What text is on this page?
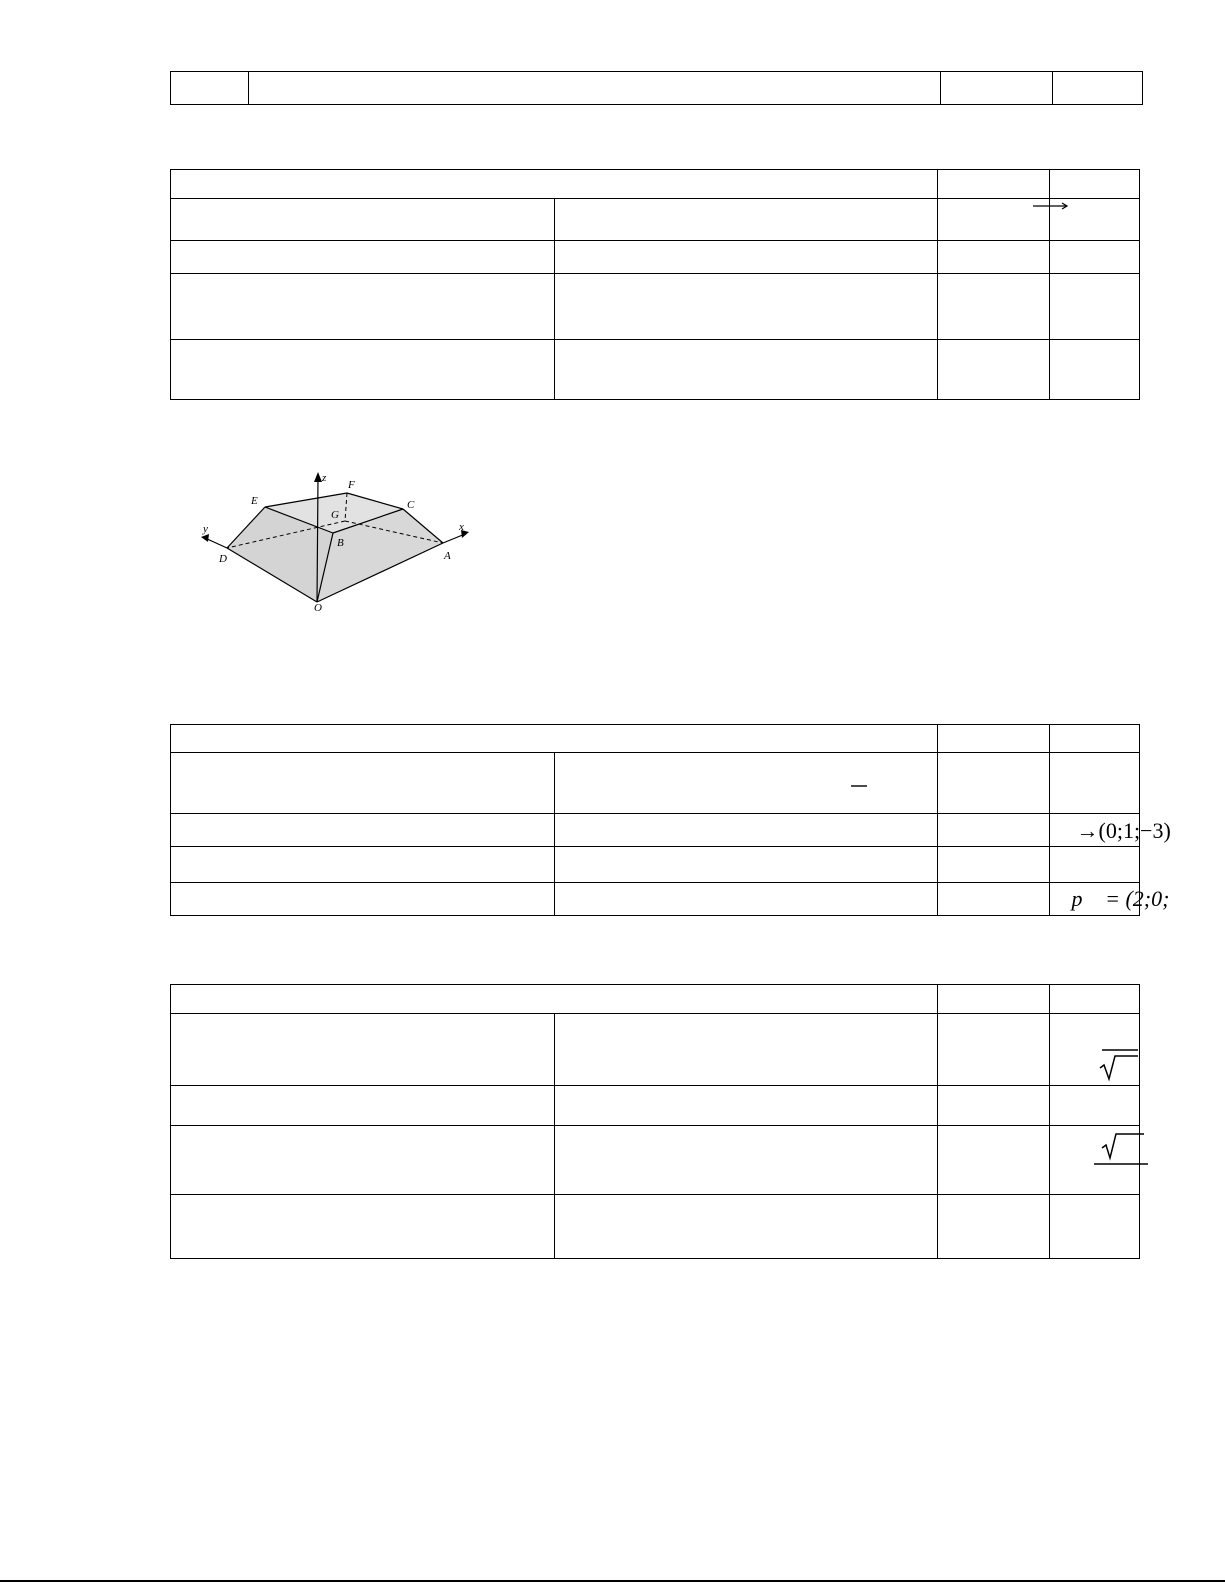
z
y	x
E
F
C
G
B
D	A
O

	→(0;1;−3)		

	p⃗ = (2;0;		
